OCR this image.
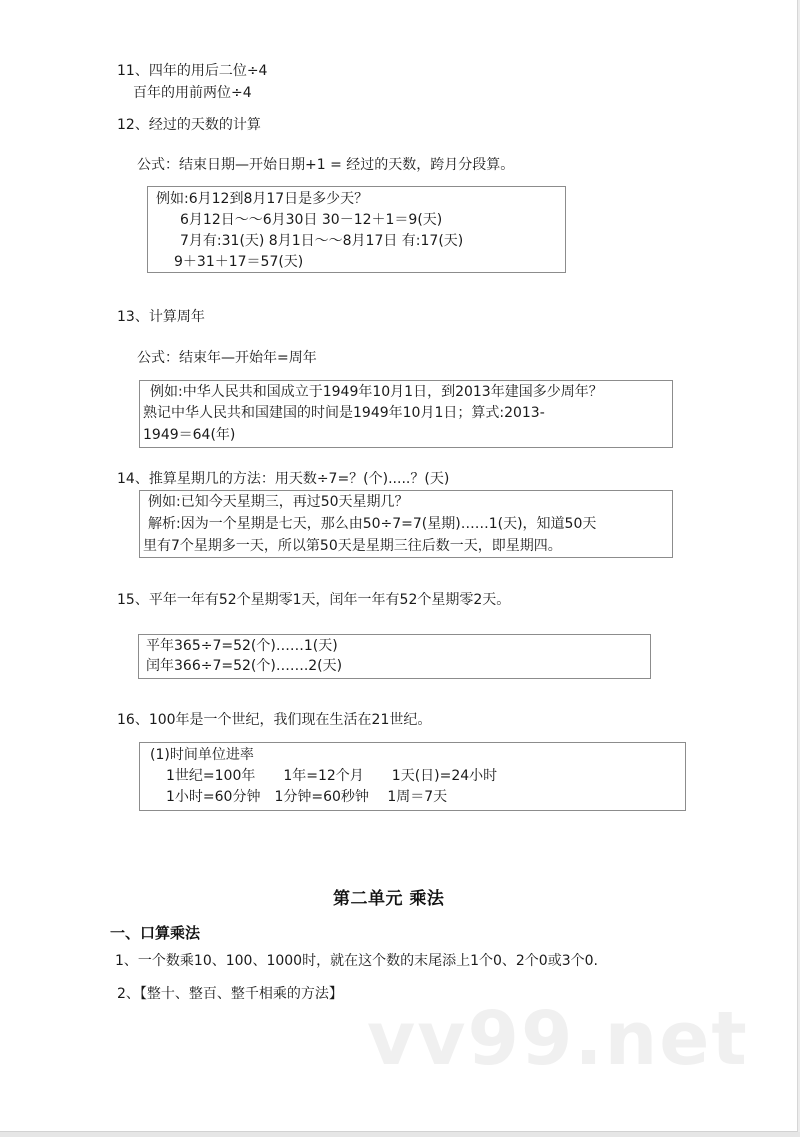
11、四年的用后二位÷4
百年的用前两位÷4
12、经过的天数的计算
公式：结束日期—开始日期+1 = 经过的天数，跨月分段算。
例如:6月12到8月17日是多少天？
6月12日～～6月30日 30－12＋1＝9(天)
7月有:31(天) 8月1日～～8月17日 有:17(天)
9＋31＋17＝57(天)
13、计算周年
公式：结束年—开始年=周年
例如:中华人民共和国成立于1949年10月1日，到2013年建国多少周年？
熟记中华人民共和国建国的时间是1949年10月1日；算式:2013-
1949＝64(年)
14、推算星期几的方法：用天数÷7=？(个).....？(天)
例如:已知今天星期三，再过50天星期几？
解析:因为一个星期是七天，那么由50÷7=7(星期)……1(天)，知道50天
里有7个星期多一天，所以第50天是星期三往后数一天，即星期四。
15、平年一年有52个星期零1天，闰年一年有52个星期零2天。
平年365÷7=52(个)……1(天)
闰年366÷7=52(个)…….2(天)
16、100年是一个世纪，我们现在生活在21世纪。
(1)时间单位进率
1世纪=100年　　1年=12个月　　1天(日)=24小时
1小时=60分钟　1分钟=60秒钟　 1周＝7天
第二单元 乘法
一、口算乘法
1、一个数乘10、100、1000时，就在这个数的末尾添上1个0、2个0或3个0.
2、【整十、整百、整千相乘的方法】
vv99.net
